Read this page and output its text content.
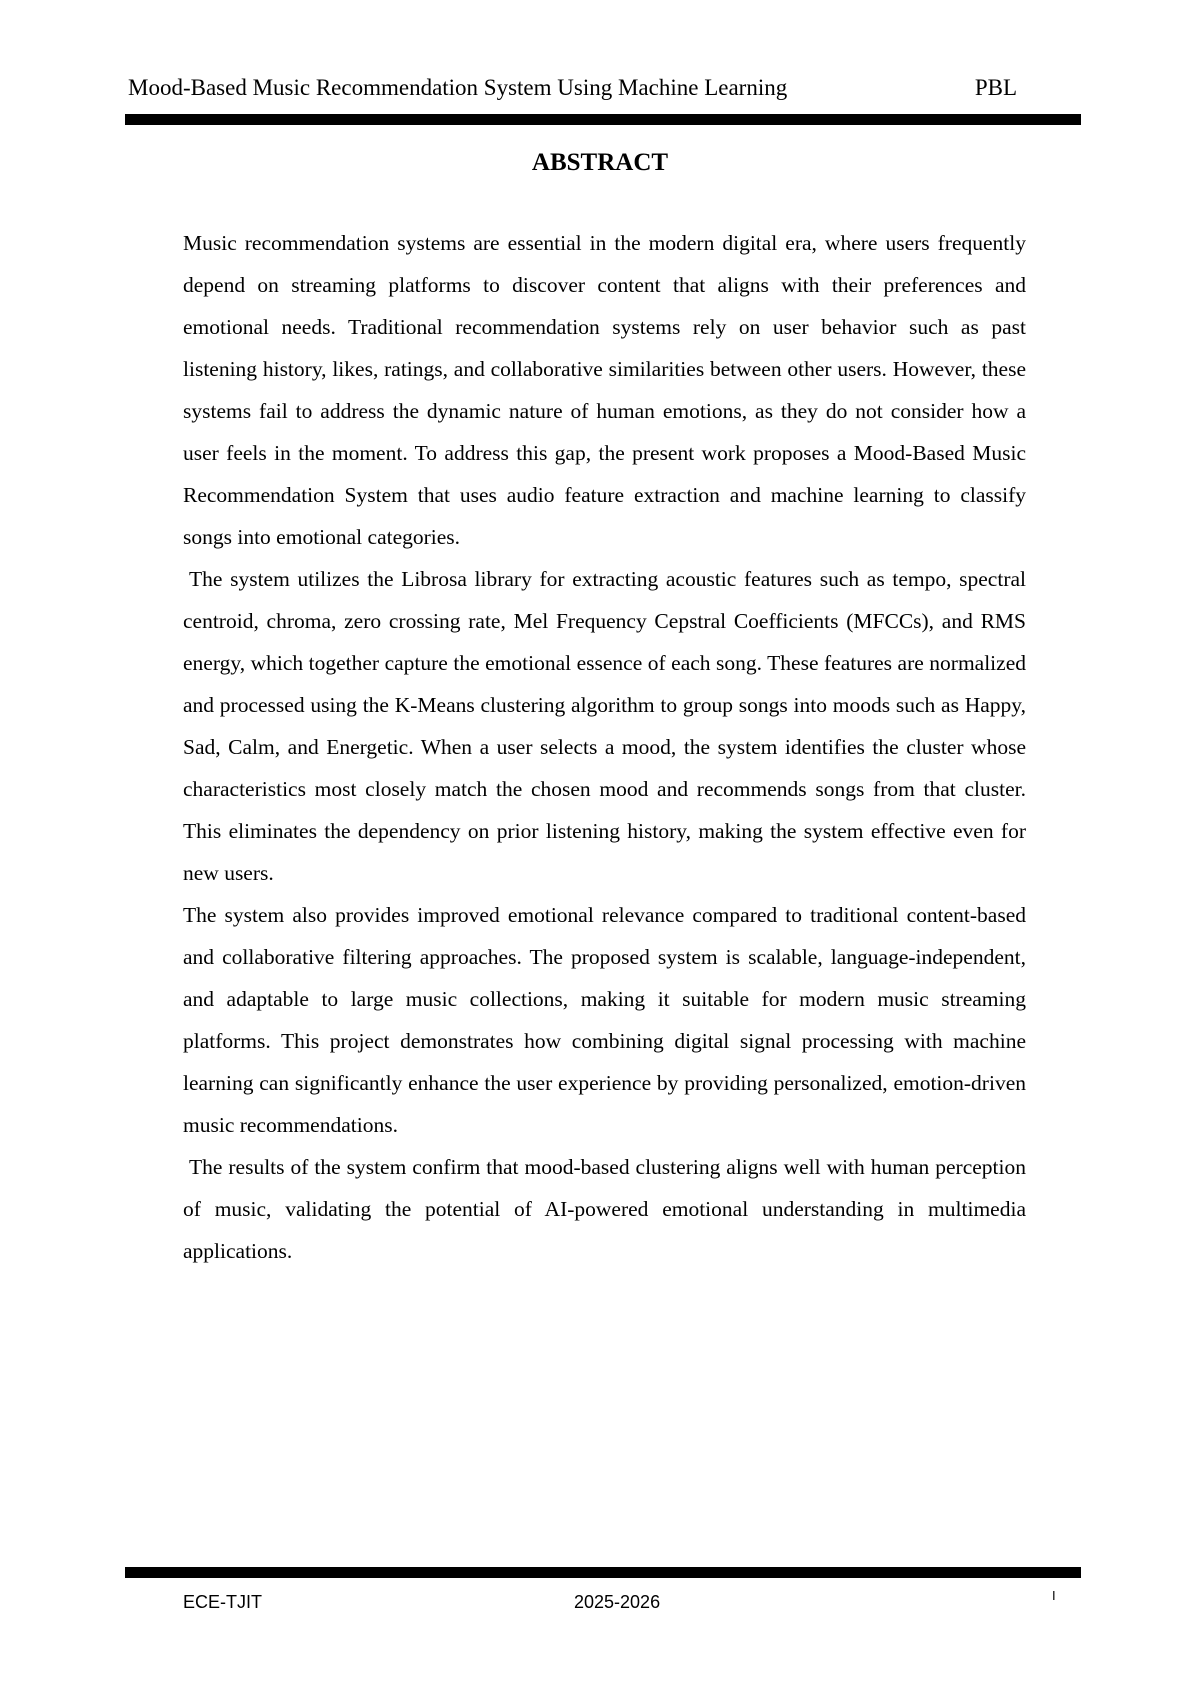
Mood-Based Music Recommendation System Using Machine Learning	PBL
ABSTRACT

Music recommendation systems are essential in the modern digital era, where users frequently depend on streaming platforms to discover content that aligns with their preferences and emotional needs. Traditional recommendation systems rely on user behavior such as past listening history, likes, ratings, and collaborative similarities between other users. However, these systems fail to address the dynamic nature of human emotions, as they do not consider how a user feels in the moment. To address this gap, the present work proposes a Mood-Based Music Recommendation System that uses audio feature extraction and machine learning to classify songs into emotional categories.

The system utilizes the Librosa library for extracting acoustic features such as tempo, spectral centroid, chroma, zero crossing rate, Mel Frequency Cepstral Coefficients (MFCCs), and RMS energy, which together capture the emotional essence of each song. These features are normalized and processed using the K-Means clustering algorithm to group songs into moods such as Happy, Sad, Calm, and Energetic. When a user selects a mood, the system identifies the cluster whose characteristics most closely match the chosen mood and recommends songs from that cluster. This eliminates the dependency on prior listening history, making the system effective even for new users.

The system also provides improved emotional relevance compared to traditional content-based and collaborative filtering approaches. The proposed system is scalable, language-independent, and adaptable to large music collections, making it suitable for modern music streaming platforms. This project demonstrates how combining digital signal processing with machine learning can significantly enhance the user experience by providing personalized, emotion-driven music recommendations.

The results of the system confirm that mood-based clustering aligns well with human perception of music, validating the potential of AI-powered emotional understanding in multimedia applications.

ECE-TJIT	2025-2026	I
